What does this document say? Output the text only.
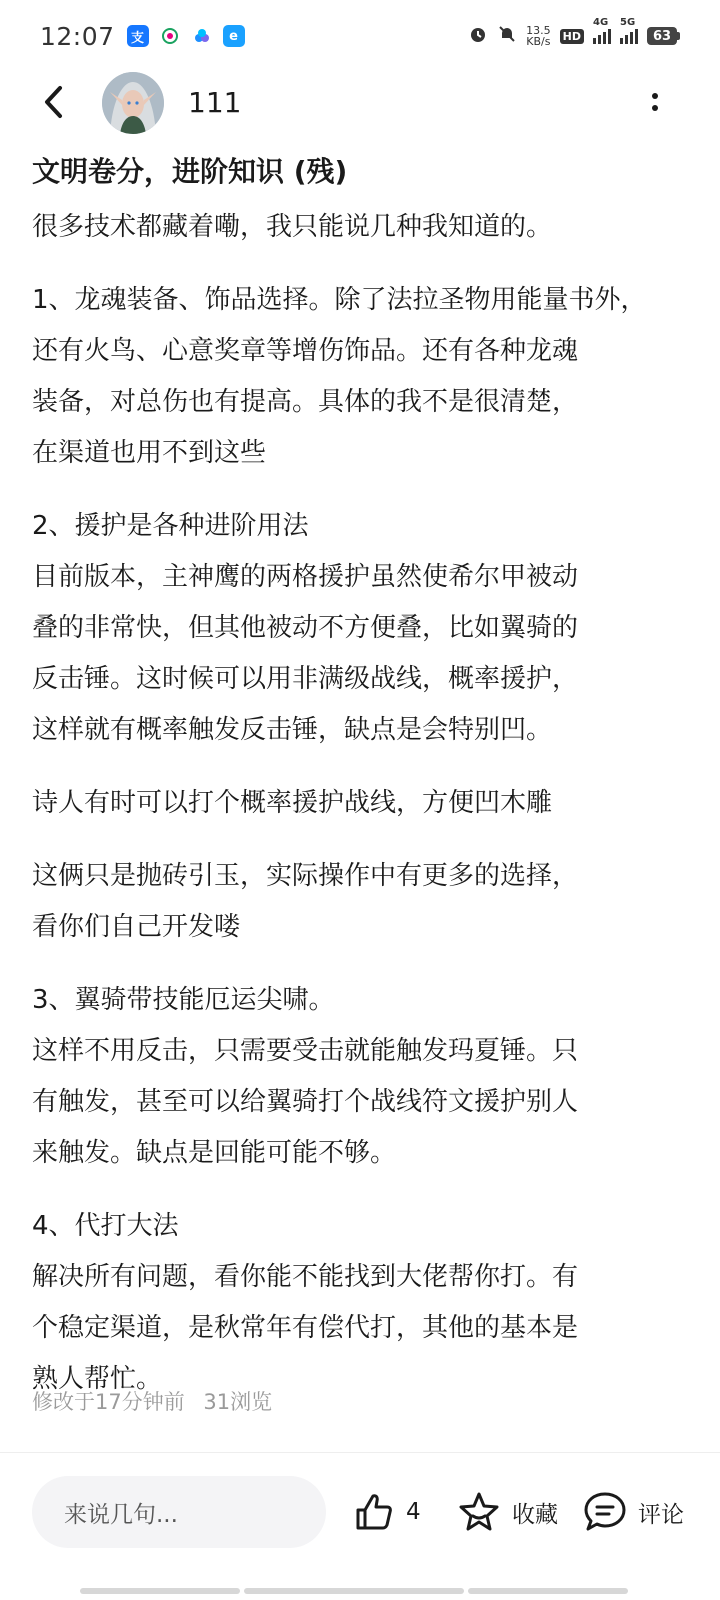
12:07	支	e	13.5
KB/s HD
4G 5G
63
111
文明卷分，进阶知识 (残)

很多技术都藏着嘞，我只能说几种我知道的。

1、龙魂装备、饰品选择。除了法拉圣物用能量书外，
还有火鸟、心意奖章等增伤饰品。还有各种龙魂
装备，对总伤也有提高。具体的我不是很清楚，
在渠道也用不到这些

2、援护是各种进阶用法
目前版本，主神鹰的两格援护虽然使希尔甲被动
叠的非常快，但其他被动不方便叠，比如翼骑的
反击锤。这时候可以用非满级战线，概率援护，
这样就有概率触发反击锤，缺点是会特别凹。

诗人有时可以打个概率援护战线，方便凹木雕

这俩只是抛砖引玉，实际操作中有更多的选择，
看你们自己开发喽

3、翼骑带技能厄运尖啸。
这样不用反击，只需要受击就能触发玛夏锤。只
有触发，甚至可以给翼骑打个战线符文援护别人
来触发。缺点是回能可能不够。

4、代打大法
解决所有问题，看你能不能找到大佬帮你打。有
个稳定渠道，是秋常年有偿代打，其他的基本是
熟人帮忙。

修改于17分钟前 31浏览
来说几句...	4	收藏	评论
